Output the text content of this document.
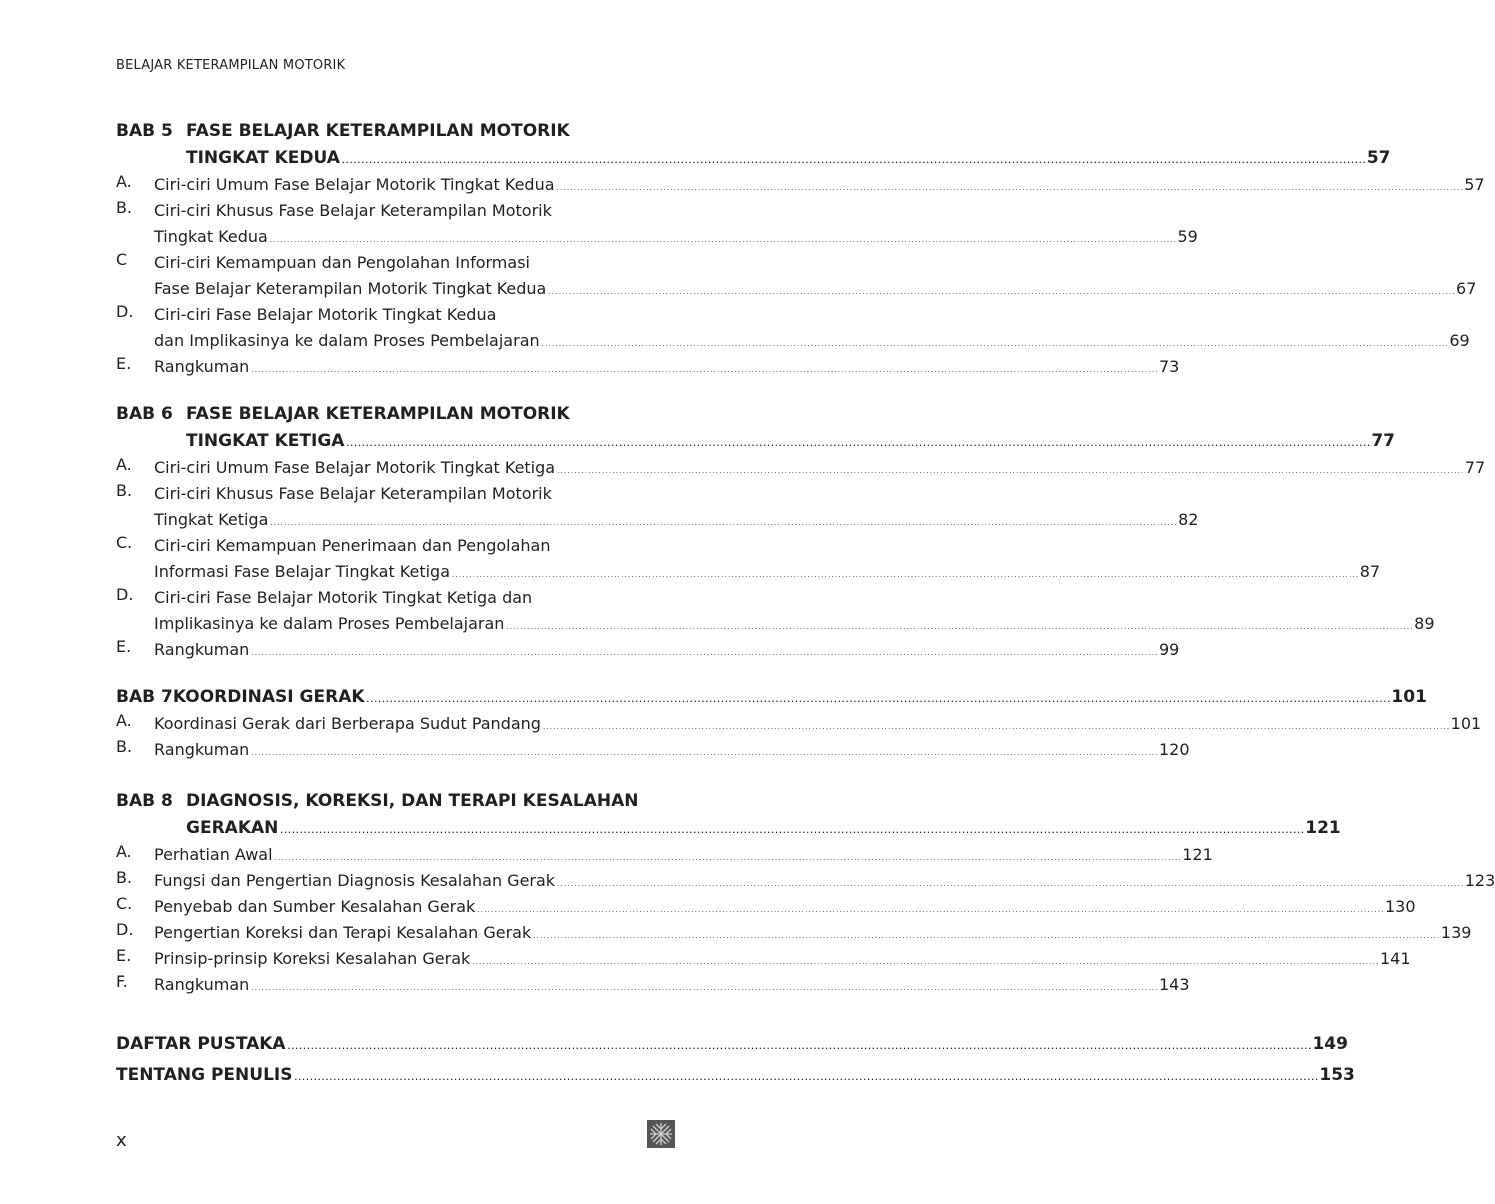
BELAJAR KETERAMPILAN MOTORIK
BAB 5 FASE BELAJAR KETERAMPILAN MOTORIK
TINGKAT KEDUA . . .	57
A.	Ciri-ciri Umum Fase Belajar Motorik Tingkat Kedua . . .	57
B.	Ciri-ciri Khusus Fase Belajar Keterampilan Motorik
Tingkat Kedua . . .	59
C	Ciri-ciri Kemampuan dan Pengolahan Informasi
Fase Belajar Keterampilan Motorik Tingkat Kedua . . .	67
D.	Ciri-ciri Fase Belajar Motorik Tingkat Kedua
dan Implikasinya ke dalam Proses Pembelajaran . . .	69
E.	Rangkuman . . .	73
BAB 6 FASE BELAJAR KETERAMPILAN MOTORIK
TINGKAT KETIGA . . .	77
A.	Ciri-ciri Umum Fase Belajar Motorik Tingkat Ketiga . . .	77
B.	Ciri-ciri Khusus Fase Belajar Keterampilan Motorik
Tingkat Ketiga . . .	82
C.	Ciri-ciri Kemampuan Penerimaan dan Pengolahan
Informasi Fase Belajar Tingkat Ketiga . . .	87
D.	Ciri-ciri Fase Belajar Motorik Tingkat Ketiga dan
Implikasinya ke dalam Proses Pembelajaran . . .	89
E.	Rangkuman . . .	99
BAB 7 KOORDINASI GERAK . . .	101
A.	Koordinasi Gerak dari Berberapa Sudut Pandang . . .	101
B.	Rangkuman . . .	120
BAB 8 DIAGNOSIS, KOREKSI, DAN TERAPI KESALAHAN
GERAKAN . . .	121
A.	Perhatian Awal . . .	121
B.	Fungsi dan Pengertian Diagnosis Kesalahan Gerak . . .	123
C.	Penyebab dan Sumber Kesalahan Gerak . . .	130
D.	Pengertian Koreksi dan Terapi Kesalahan Gerak . . .	139
E.	Prinsip-prinsip Koreksi Kesalahan Gerak . . .	141
F.	Rangkuman . . .	143
DAFTAR PUSTAKA . . .	149
TENTANG PENULIS . . .	153
x
